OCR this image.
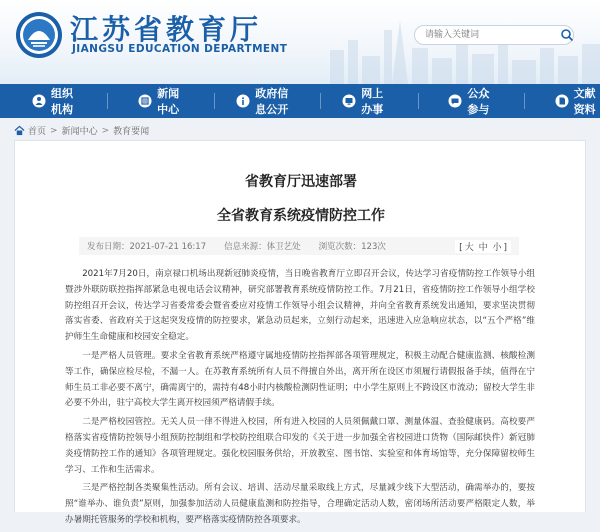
江苏省教育厅
JIANGSU EDUCATION DEPARTMENT
请输入关键词
组织机构
新闻中心
政府信息公开
网上办事
公众参与
文献资料
首页 > 新闻中心 > 教育要闻
省教育厅迅速部署
全省教育系统疫情防控工作
发布日期：2021-07-21 16:17 信息来源：体卫艺处 浏览次数：123次	[ 大 中 小 ]

2021年7月20日，南京禄口机场出现新冠肺炎疫情，当日晚省教育厅立即召开会议，传达学习省疫情防控工作领导小组暨涉外联防联控指挥部紧急电视电话会议精神，研究部署教育系统疫情防控工作。7月21日，省疫情防控工作领导小组学校防控组召开会议，传达学习省委常委会暨省委应对疫情工作领导小组会议精神，并向全省教育系统发出通知，要求坚决贯彻落实省委、省政府关于这起突发疫情的防控要求，紧急动员起来，立刻行动起来，迅速进入应急响应状态，以“五个严格”维护师生生命健康和校园安全稳定。

一是严格人员管理。要求全省教育系统严格遵守属地疫情防控指挥部各项管理规定，积极主动配合健康监测、核酸检测等工作，确保应检尽检，不漏一人。在苏教育系统所有人员不得擅自外出，离开所在设区市须履行请假报备手续，值得在宁师生员工非必要不离宁，确需离宁的，需持有48小时内核酸检测阴性证明；中小学生原则上不跨设区市流动；留校大学生非必要不外出，驻宁高校大学生离开校园须严格请假手续。

二是严格校园管控。无关人员一律不得进入校园，所有进入校园的人员须佩戴口罩、测量体温、查验健康码。高校要严格落实省疫情防控领导小组预防控制组和学校防控组联合印发的《关于进一步加强全省校园进口货物（国际邮快件）新冠肺炎疫情防控工作的通知》各项管理规定。强化校园服务供给，开放教室、图书馆、实验室和体育场馆等，充分保障留校师生学习、工作和生活需求。

三是严格控制各类聚集性活动。所有会议、培训、活动尽量采取线上方式，尽量减少线下大型活动，确需举办的，要按照“谁举办、谁负责”原则，加强参加活动人员健康监测和防控指导，合理确定活动人数，密闭场所活动要严格限定人数，举办暑期托管服务的学校和机构，要严格落实疫情防控各项要求。
